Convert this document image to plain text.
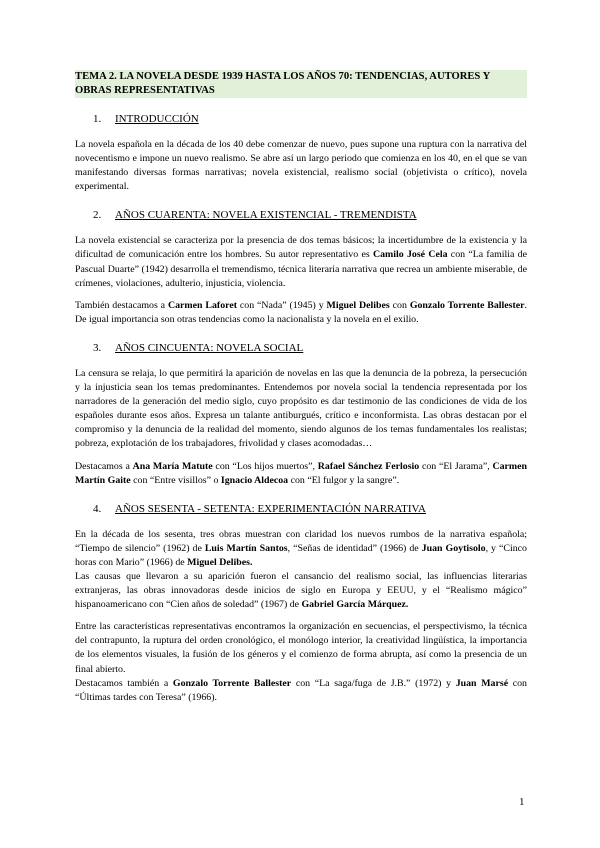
TEMA 2. LA NOVELA DESDE 1939 HASTA LOS AÑOS 70: TENDENCIAS, AUTORES Y OBRAS REPRESENTATIVAS
1.	INTRODUCCIÓN

La novela española en la década de los 40 debe comenzar de nuevo, pues supone una ruptura con la narrativa del novecentismo e impone un nuevo realismo. Se abre así un largo periodo que comienza en los 40, en el que se van manifestando diversas formas narrativas; novela existencial, realismo social (objetivista o crítico), novela experimental.

2.	AÑOS CUARENTA: NOVELA EXISTENCIAL - TREMENDISTA

La novela existencial se caracteriza por la presencia de dos temas básicos; la incertidumbre de la existencia y la dificultad de comunicación entre los hombres. Su autor representativo es Camilo José Cela con “La familia de Pascual Duarte” (1942) desarrolla el tremendismo, técnica literaria narrativa que recrea un ambiente miserable, de crímenes, violaciones, adulterio, injusticia, violencia.

También destacamos a Carmen Laforet con “Nada” (1945) y Miguel Delibes con Gonzalo Torrente Ballester. De igual importancia son otras tendencias como la nacionalista y la novela en el exilio.

3.	AÑOS CINCUENTA: NOVELA SOCIAL

La censura se relaja, lo que permitirá la aparición de novelas en las que la denuncia de la pobreza, la persecución y la injusticia sean los temas predominantes. Entendemos por novela social la tendencia representada por los narradores de la generación del medio siglo, cuyo propósito es dar testimonio de las condiciones de vida de los españoles durante esos años. Expresa un talante antiburgués, crítico e inconformista. Las obras destacan por el compromiso y la denuncia de la realidad del momento, siendo algunos de los temas fundamentales los realistas; pobreza, explotación de los trabajadores, frivolidad y clases acomodadas…

Destacamos a Ana María Matute con “Los hijos muertos”, Rafael Sánchez Ferlosio con “El Jarama”, Carmen Martín Gaite con “Entre visillos” o Ignacio Aldecoa con “El fulgor y la sangre”.

4.	AÑOS SESENTA - SETENTA: EXPERIMENTACIÓN NARRATIVA

En la década de los sesenta, tres obras muestran con claridad los nuevos rumbos de la narrativa española; “Tiempo de silencio” (1962) de Luis Martín Santos, “Señas de identidad” (1966) de Juan Goytisolo, y “Cinco horas con Mario” (1966) de Miguel Delibes.

Las causas que llevaron a su aparición fueron el cansancio del realismo social, las influencias literarias extranjeras, las obras innovadoras desde inicios de siglo en Europa y EEUU, y el “Realismo mágico” hispanoamericano con “Cien años de soledad” (1967) de Gabriel García Márquez.

Entre las características representativas encontramos la organización en secuencias, el perspectivismo, la técnica del contrapunto, la ruptura del orden cronológico, el monólogo interior, la creatividad lingüística, la importancia de los elementos visuales, la fusión de los géneros y el comienzo de forma abrupta, así como la presencia de un final abierto.

Destacamos también a Gonzalo Torrente Ballester con “La saga/fuga de J.B.” (1972) y Juan Marsé con “Últimas tardes con Teresa” (1966).

1
